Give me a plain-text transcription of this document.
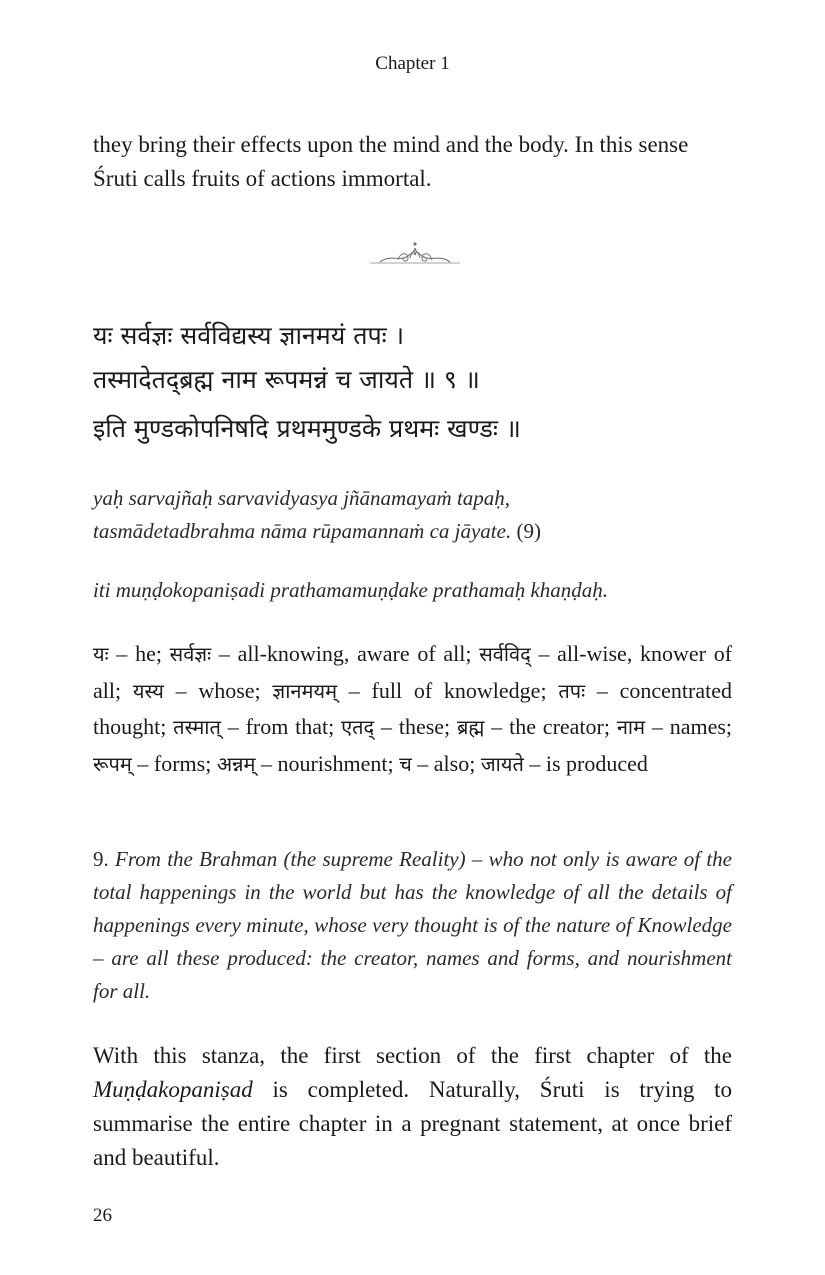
Chapter 1
they bring their effects upon the mind and the body. In this sense Śruti calls fruits of actions immortal.
यः सर्वज्ञः सर्वविद्यस्य ज्ञानमयं तपः ।
तस्मादेतद्ब्रह्म नाम रूपमन्नं च जायते ॥ ९ ॥
इति मुण्डकोपनिषदि प्रथममुण्डके प्रथमः खण्डः ॥
yaḥ sarvajñaḥ sarvavidyasya jñānamayaṁ tapaḥ,
tasmādetadbrahma nāma rūpamannaṁ ca jāyate. (9)
iti muṇḍokopaniṣadi prathamamuṇḍake prathamaḥ khaṇḍaḥ.
यः – he; सर्वज्ञः – all-knowing, aware of all; सर्वविद् – all-wise, knower of all; यस्य – whose; ज्ञानमयम् – full of knowledge; तपः – concentrated thought; तस्मात् – from that; एतद् – these; ब्रह्म – the creator; नाम – names; रूपम् – forms; अन्नम् – nourishment; च – also; जायते – is produced
9. From the Brahman (the supreme Reality) – who not only is aware of the total happenings in the world but has the knowledge of all the details of happenings every minute, whose very thought is of the nature of Knowledge – are all these produced: the creator, names and forms, and nourishment for all.
With this stanza, the first section of the first chapter of the Muṇḍakopaniṣad is completed. Naturally, Śruti is trying to summarise the entire chapter in a pregnant statement, at once brief and beautiful.
26
